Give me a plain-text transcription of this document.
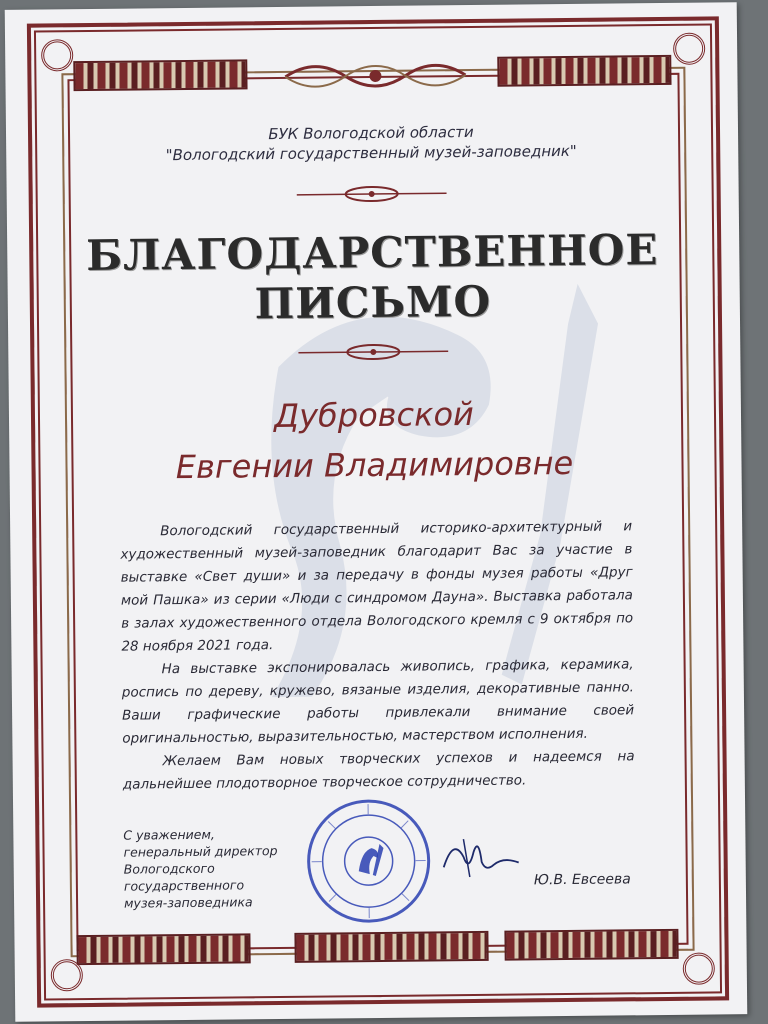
БУК Вологодской области
"Вологодский государственный музей-заповедник"
БЛАГОДАРСТВЕННОЕ
ПИСЬМО
Дубровской
Евгении Владимировне
Вологодский государственный историко-архитектурный и художественный музей-заповедник благодарит Вас за участие в выставке «Свет души» и за передачу в фонды музея работы «Друг мой Пашка» из серии «Люди с синдромом Дауна». Выставка работала в залах художественного отдела Вологодского кремля с 9 октября по 28 ноября 2021 года.
На выставке экспонировалась живопись, графика, керамика, роспись по дереву, кружево, вязаные изделия, декоративные панно. Ваши графические работы привлекали внимание своей оригинальностью, выразительностью, мастерством исполнения.
Желаем Вам новых творческих успехов и надеемся на дальнейшее плодотворное творческое сотрудничество.
С уважением,
генеральный директор
Вологодского государственного
музея-заповедника
Ю.В. Евсеева
